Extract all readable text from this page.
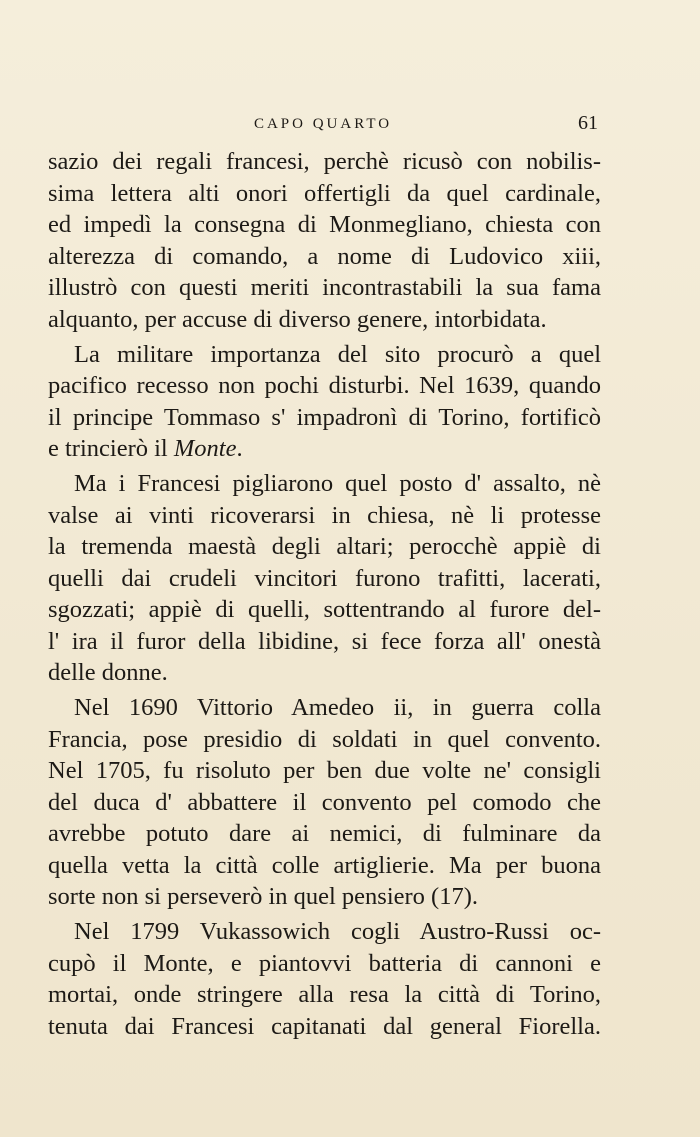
CAPO QUARTO	61

sazio dei regali francesi, perchè ricusò con nobilis-
sima lettera alti onori offertigli da quel cardinale,
ed impedì la consegna di Monmegliano, chiesta con
alterezza di comando, a nome di Ludovico xiii,
illustrò con questi meriti incontrastabili la sua fama
alquanto, per accuse di diverso genere, intorbidata.

La militare importanza del sito procurò a quel
pacifico recesso non pochi disturbi. Nel 1639, quando
il principe Tommaso s' impadronì di Torino, fortificò
e trincierò il Monte.

Ma i Francesi pigliarono quel posto d' assalto, nè
valse ai vinti ricoverarsi in chiesa, nè li protesse
la tremenda maestà degli altari; perocchè appiè di
quelli dai crudeli vincitori furono trafitti, lacerati,
sgozzati; appiè di quelli, sottentrando al furore del-
l' ira il furor della libidine, si fece forza all' onestà
delle donne.

Nel 1690 Vittorio Amedeo ii, in guerra colla
Francia, pose presidio di soldati in quel convento.
Nel 1705, fu risoluto per ben due volte ne' consigli
del duca d' abbattere il convento pel comodo che
avrebbe potuto dare ai nemici, di fulminare da
quella vetta la città colle artiglierie. Ma per buona
sorte non si perseverò in quel pensiero (17).

Nel 1799 Vukassowich cogli Austro-Russi oc-
cupò il Monte, e piantovvi batteria di cannoni e
mortai, onde stringere alla resa la città di Torino,
tenuta dai Francesi capitanati dal general Fiorella.
